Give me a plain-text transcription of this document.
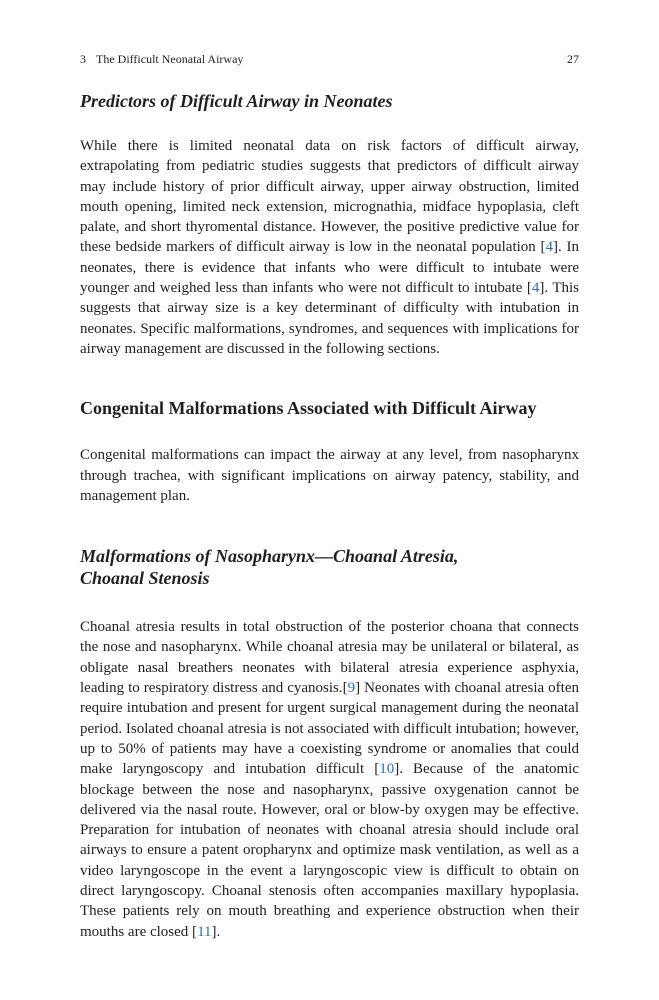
3 The Difficult Neonatal Airway	27
Predictors of Difficult Airway in Neonates

While there is limited neonatal data on risk factors of difficult airway, extrapolating from pediatric studies suggests that predictors of difficult airway may include history of prior difficult airway, upper airway obstruction, limited mouth opening, limited neck extension, micrognathia, midface hypoplasia, cleft palate, and short thyromental distance. However, the positive predictive value for these bedside markers of difficult airway is low in the neonatal population [4]. In neonates, there is evidence that infants who were difficult to intubate were younger and weighed less than infants who were not difficult to intubate [4]. This suggests that airway size is a key determinant of difficulty with intubation in neonates. Specific malformations, syndromes, and sequences with implications for airway management are discussed in the following sections.

Congenital Malformations Associated with Difficult Airway

Congenital malformations can impact the airway at any level, from nasopharynx through trachea, with significant implications on airway patency, stability, and management plan.

Malformations of Nasopharynx—Choanal Atresia,
Choanal Stenosis

Choanal atresia results in total obstruction of the posterior choana that connects the nose and nasopharynx. While choanal atresia may be unilateral or bilateral, as obligate nasal breathers neonates with bilateral atresia experience asphyxia, leading to respiratory distress and cyanosis.[9] Neonates with choanal atresia often require intubation and present for urgent surgical management during the neonatal period. Isolated choanal atresia is not associated with difficult intubation; however, up to 50% of patients may have a coexisting syndrome or anomalies that could make laryngoscopy and intubation difficult [10]. Because of the anatomic blockage between the nose and nasopharynx, passive oxygenation cannot be delivered via the nasal route. However, oral or blow-by oxygen may be effective. Preparation for intubation of neonates with choanal atresia should include oral airways to ensure a patent oropharynx and optimize mask ventilation, as well as a video laryngoscope in the event a laryngoscopic view is difficult to obtain on direct laryngoscopy. Choanal stenosis often accompanies maxillary hypoplasia. These patients rely on mouth breathing and experience obstruction when their mouths are closed [11].
